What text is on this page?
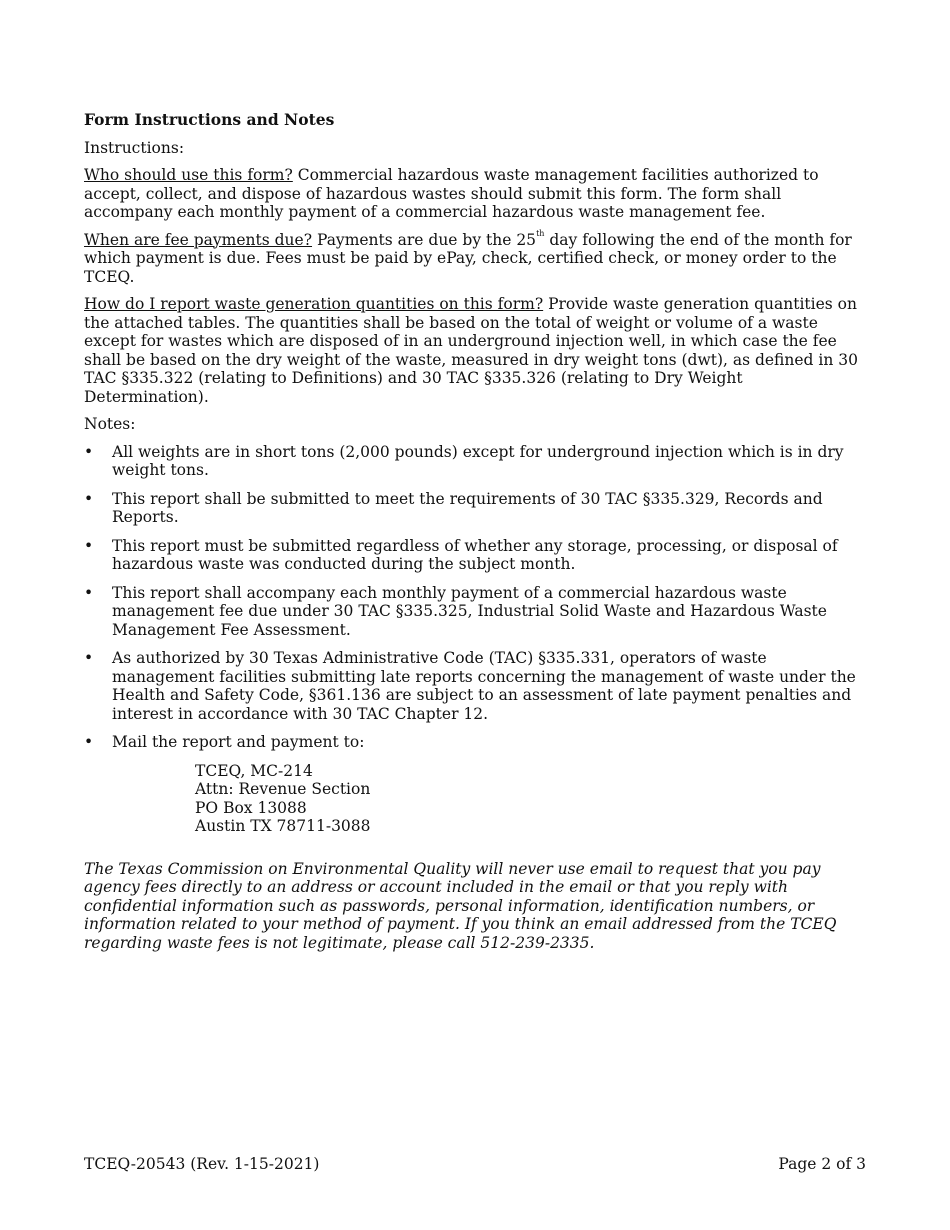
Form Instructions and Notes

Instructions:

Who should use this form? Commercial hazardous waste management facilities authorized to accept, collect, and dispose of hazardous wastes should submit this form. The form shall accompany each monthly payment of a commercial hazardous waste management fee.

When are fee payments due? Payments are due by the 25th day following the end of the month for which payment is due. Fees must be paid by ePay, check, certified check, or money order to the TCEQ.

How do I report waste generation quantities on this form? Provide waste generation quantities on the attached tables. The quantities shall be based on the total of weight or volume of a waste except for wastes which are disposed of in an underground injection well, in which case the fee shall be based on the dry weight of the waste, measured in dry weight tons (dwt), as defined in 30 TAC §335.322 (relating to Definitions) and 30 TAC §335.326 (relating to Dry Weight Determination).

Notes:

• All weights are in short tons (2,000 pounds) except for underground injection which is in dry weight tons.
• This report shall be submitted to meet the requirements of 30 TAC §335.329, Records and Reports.
• This report must be submitted regardless of whether any storage, processing, or disposal of hazardous waste was conducted during the subject month.
• This report shall accompany each monthly payment of a commercial hazardous waste management fee due under 30 TAC §335.325, Industrial Solid Waste and Hazardous Waste Management Fee Assessment.
• As authorized by 30 Texas Administrative Code (TAC) §335.331, operators of waste management facilities submitting late reports concerning the management of waste under the Health and Safety Code, §361.136 are subject to an assessment of late payment penalties and interest in accordance with 30 TAC Chapter 12.
• Mail the report and payment to:
TCEQ, MC-214
Attn: Revenue Section
PO Box 13088
Austin TX 78711-3088

The Texas Commission on Environmental Quality will never use email to request that you pay agency fees directly to an address or account included in the email or that you reply with confidential information such as passwords, personal information, identification numbers, or information related to your method of payment. If you think an email addressed from the TCEQ regarding waste fees is not legitimate, please call 512-239-2335.

TCEQ-20543 (Rev. 1-15-2021)	Page 2 of 3
